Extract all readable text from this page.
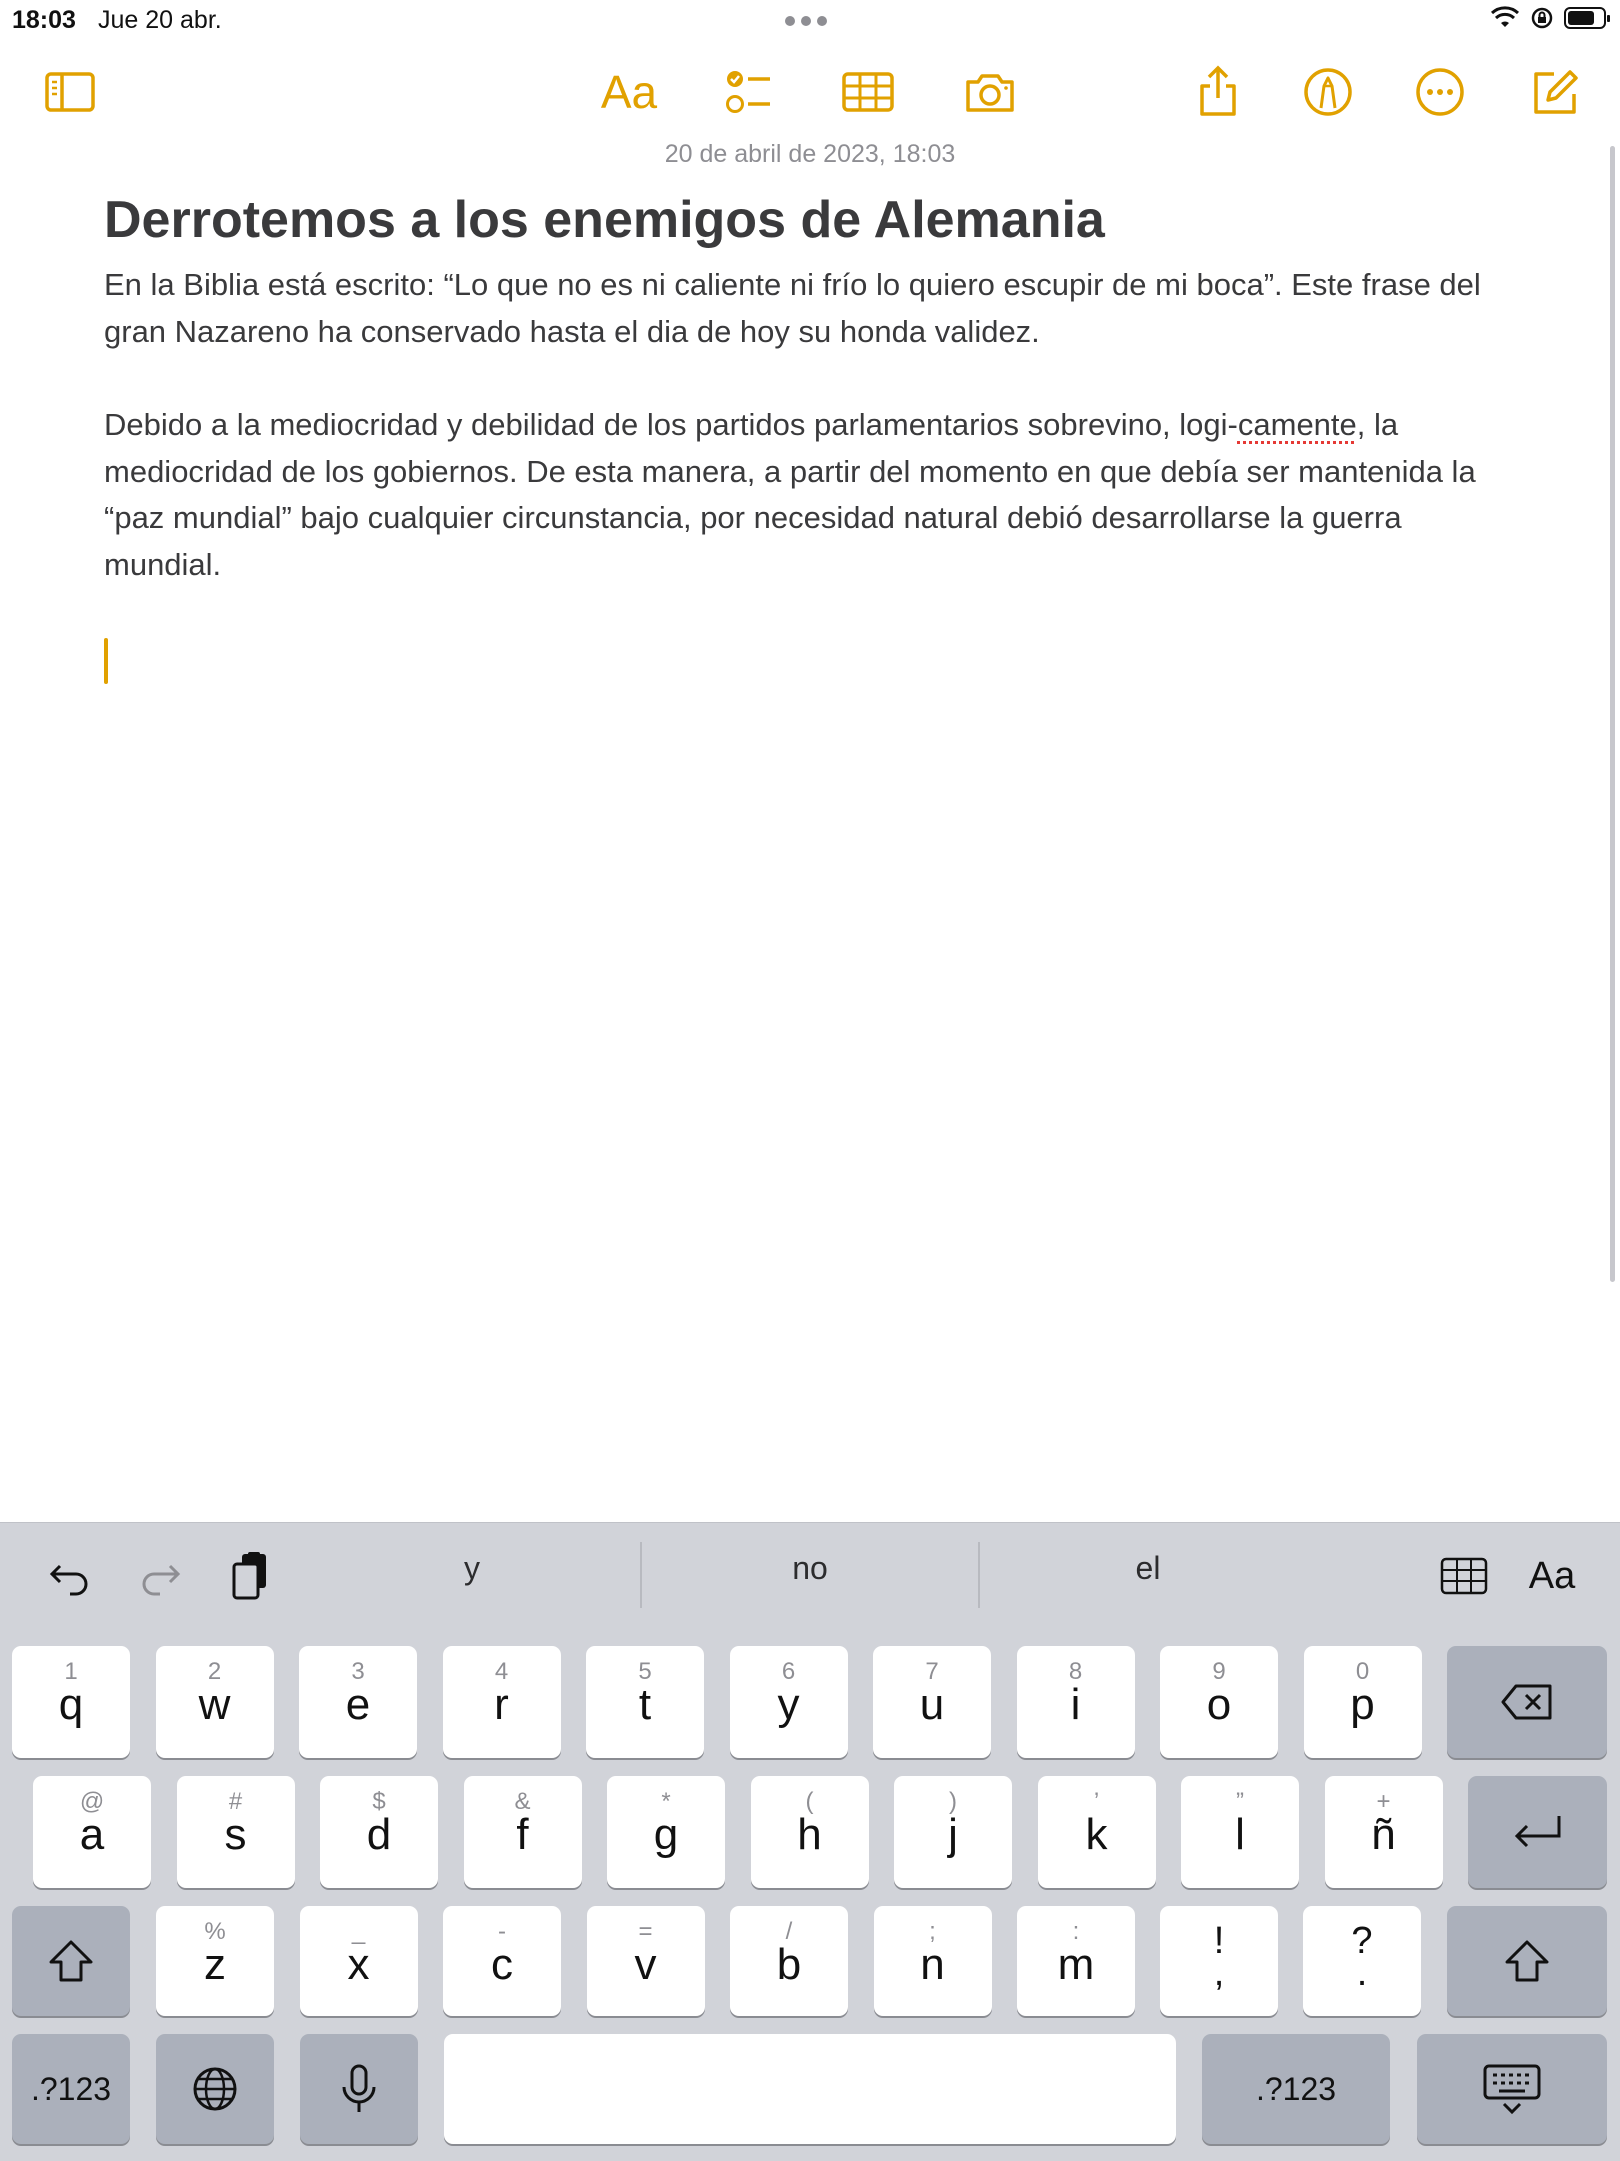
18:03 Jue 20 abr.
Aa
20 de abril de 2023, 18:03
Derrotemos a los enemigos de Alemania

En la Biblia está escrito: “Lo que no es ni caliente ni frío lo quiero escupir de mi boca”. Este frase del gran Nazareno ha conservado hasta el dia de hoy su honda validez.

Debido a la mediocridad y debilidad de los partidos parlamentarios sobrevino, logi-camente, la mediocridad de los gobiernos. De esta manera, a partir del momento en que debía ser mantenida la “paz mundial” bajo cualquier circunstancia, por necesidad natural debió desarrollarse la guerra mundial.

y	no	el	Aa
1
q
2
w
3
e
4
r
5
t
6
y
7
u
8
i
9
o
0
p
@
a
#
s
$
d
&
f
*
g
(
h
)
j
’
k
”
l
+
ñ
%
z
_
x
-
c
=
v
/
b
;
n
:
m	!
,
?
.
.?123	.?123
